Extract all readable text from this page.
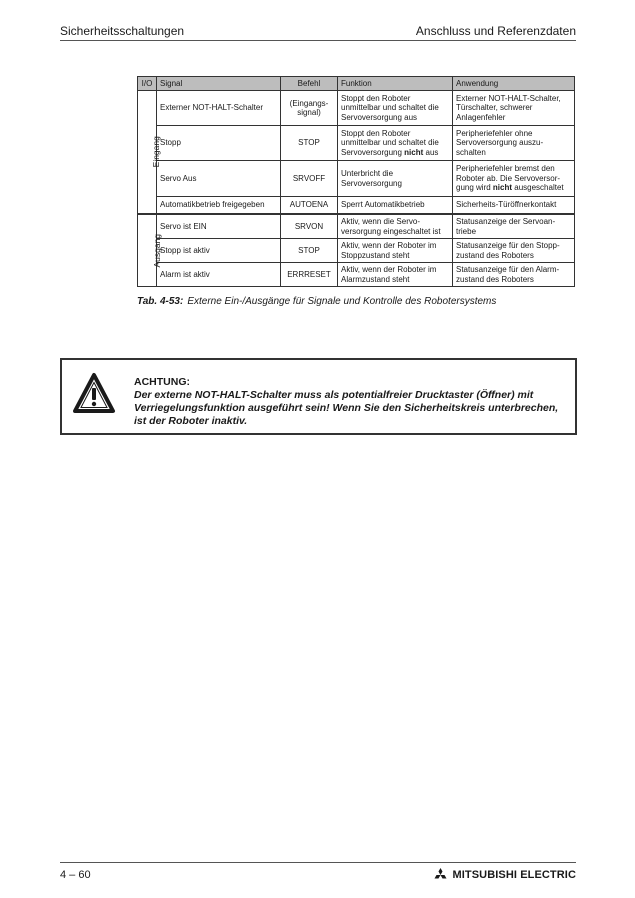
Sicherheitsschaltungen	Anschluss und Referenzdaten
I/O	Signal	Befehl	Funktion	Anwendung
Eingang	Externer NOT-HALT-Schalter	(Eingangs-signal)	Stoppt den Roboter unmittelbar und schaltet die Servoversorgung aus	Externer NOT-HALT-Schalter, Türschalter, schwerer Anlagenfehler
	Stopp	STOP	Stoppt den Roboter unmittelbar und schaltet die Servoversorgung nicht aus	Peripheriefehler ohne Servoversorgung auszu-schalten
	Servo Aus	SRVOFF	Unterbricht die Servoversorgung	Peripheriefehler bremst den Roboter ab. Die Servoversor-gung wird nicht ausgeschaltet
	Automatikbetrieb freigegeben	AUTOENA	Sperrt Automatikbetrieb	Sicherheits-Türöffnerkontakt
Ausgang	Servo ist EIN	SRVON	Aktiv, wenn die Servo-versorgung eingeschaltet ist	Statusanzeige der Servoan-triebe
	Stopp ist aktiv	STOP	Aktiv, wenn der Roboter im Stoppzustand steht	Statusanzeige für den Stopp-zustand des Roboters
	Alarm ist aktiv	ERRRESET	Aktiv, wenn der Roboter im Alarmzustand steht	Statusanzeige für den Alarm-zustand des Roboters
Tab. 4-53: Externe Ein-/Ausgänge für Signale und Kontrolle des Robotersystems
ACHTUNG:
Der externe NOT-HALT-Schalter muss als potentialfreier Drucktaster (Öffner) mit Verriegelungsfunktion ausgeführt sein! Wenn Sie den Sicherheitskreis unterbrechen, ist der Roboter inaktiv.
4 – 60	MITSUBISHI ELECTRIC
